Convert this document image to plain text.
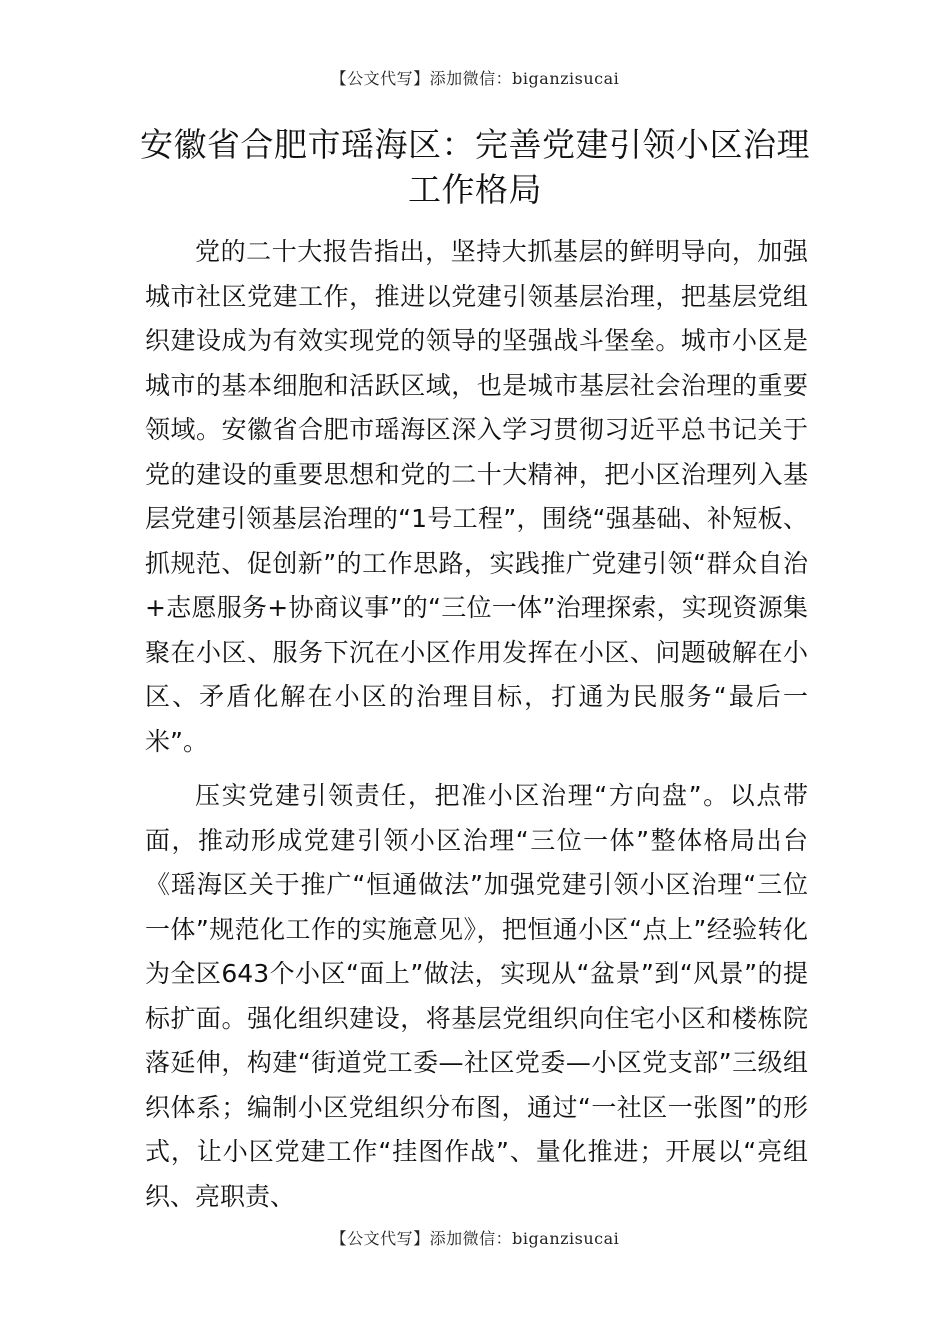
【公文代写】添加微信：biganzisucai
安徽省合肥市瑶海区：完善党建引领小区治理工作格局

党的二十大报告指出，坚持大抓基层的鲜明导向，加强城市社区党建工作，推进以党建引领基层治理，把基层党组织建设成为有效实现党的领导的坚强战斗堡垒。城市小区是城市的基本细胞和活跃区域，也是城市基层社会治理的重要领域。安徽省合肥市瑶海区深入学习贯彻习近平总书记关于党的建设的重要思想和党的二十大精神，把小区治理列入基层党建引领基层治理的“1号工程”，围绕“强基础、补短板、抓规范、促创新”的工作思路，实践推广党建引领“群众自治+志愿服务+协商议事”的“三位一体”治理探索，实现资源集聚在小区、服务下沉在小区作用发挥在小区、问题破解在小区、矛盾化解在小区的治理目标，打通为民服务“最后一米”。

压实党建引领责任，把准小区治理“方向盘”。以点带面，推动形成党建引领小区治理“三位一体”整体格局出台《瑶海区关于推广“恒通做法”加强党建引领小区治理“三位一体”规范化工作的实施意见》，把恒通小区“点上”经验转化为全区643个小区“面上”做法，实现从“盆景”到“风景”的提标扩面。强化组织建设，将基层党组织向住宅小区和楼栋院落延伸，构建“街道党工委—社区党委—小区党支部”三级组织体系；编制小区党组织分布图，通过“一社区一张图”的形式，让小区党建工作“挂图作战”、量化推进；开展以“亮组织、亮职责、

【公文代写】添加微信：biganzisucai
